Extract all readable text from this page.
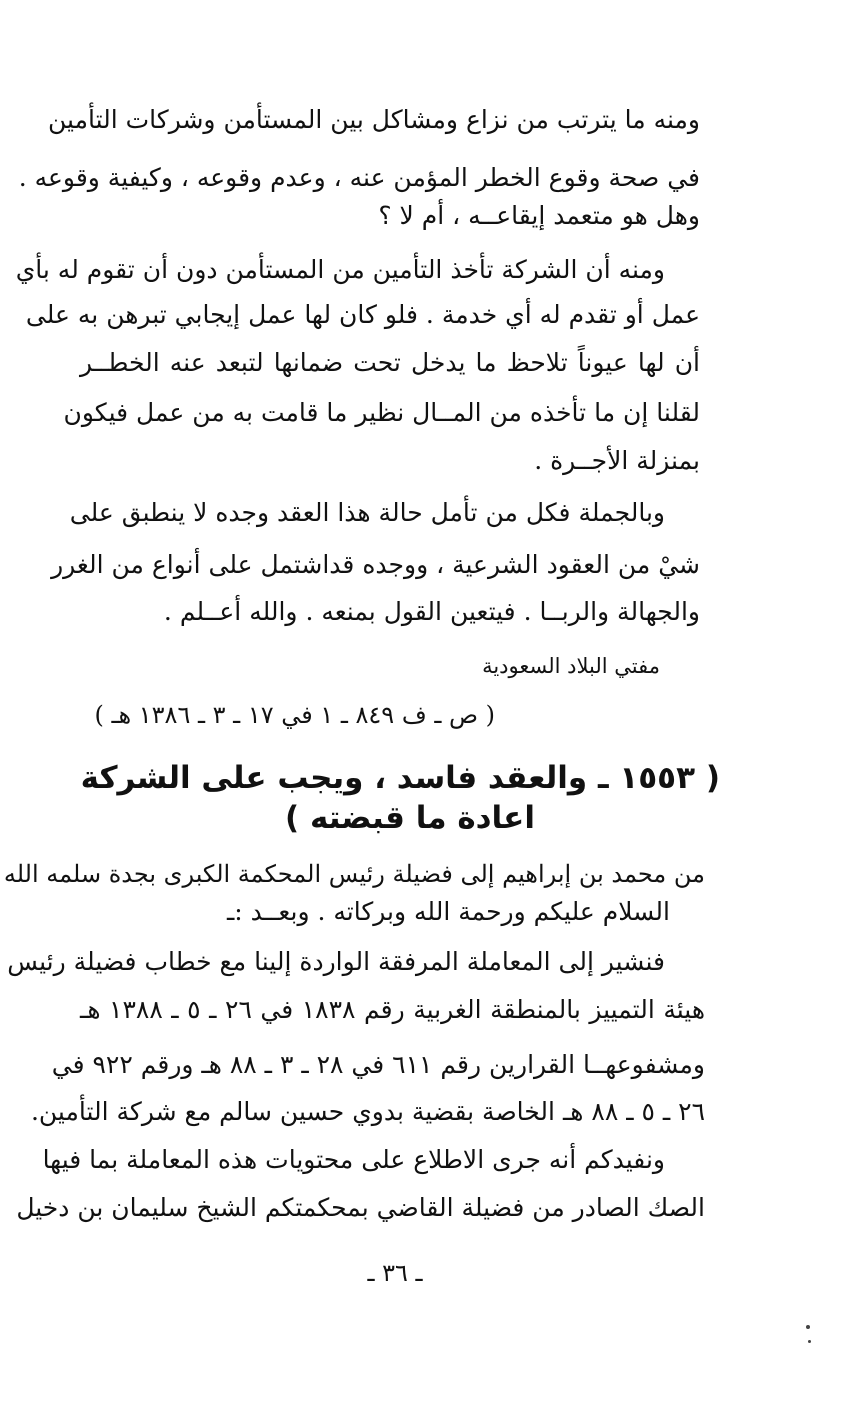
ومنه ما يترتب من نزاع ومشاكل بين المستأمن وشركات التأمين
في صحة وقوع الخطر المؤمن عنه ، وعدم وقوعه ، وكيفية وقوعه .
وهل هو متعمد إيقاعــه ، أم لا ؟
ومنه أن الشركة تأخذ التأمين من المستأمن دون أن تقوم له بأي
عمل أو تقدم له أي خدمة . فلو كان لها عمل إيجابي تبرهن به على
أن لها عيوناً تلاحظ ما يدخل تحت ضمانها لتبعد عنه الخطــر
لقلنا إن ما تأخذه من المــال نظير ما قامت به من عمل فيكون
بمنزلة الأجــرة .
وبالجملة فكل من تأمل حالة هذا العقد وجده لا ينطبق على
شيْ من العقود الشرعية ، ووجده قداشتمل على أنواع من الغرر
والجهالة والربــا . فيتعين القول بمنعه . والله أعــلم .
مفتي البلاد السعودية
( ص ـ ف ٨٤٩ ـ ١ في ١٧ ـ ٣ ـ ١٣٨٦ هـ )
( ١٥٥٣ ـ والعقد فاسد ، ويجب على الشركة
اعادة ما قبضته )
من محمد بن إبراهيم إلى فضيلة رئيس المحكمة الكبرى بجدة سلمه الله
السلام عليكم ورحمة الله وبركاته . وبعــد :ـ
فنشير إلى المعاملة المرفقة الواردة إلينا مع خطاب فضيلة رئيس
هيئة التمييز بالمنطقة الغربية رقم ١٨٣٨ في ٢٦ ـ ٥ ـ ١٣٨٨ هـ
ومشفوعهــا القرارين رقم ٦١١ في ٢٨ ـ ٣ ـ ٨٨ هـ ورقم ٩٢٢ في
٢٦ ـ ٥ ـ ٨٨ هـ الخاصة بقضية بدوي حسين سالم مع شركة التأمين.
ونفيدكم أنه جرى الاطلاع على محتويات هذه المعاملة بما فيها
الصك الصادر من فضيلة القاضي بمحكمتكم الشيخ سليمان بن دخيل
ـ ٣٦ ـ
